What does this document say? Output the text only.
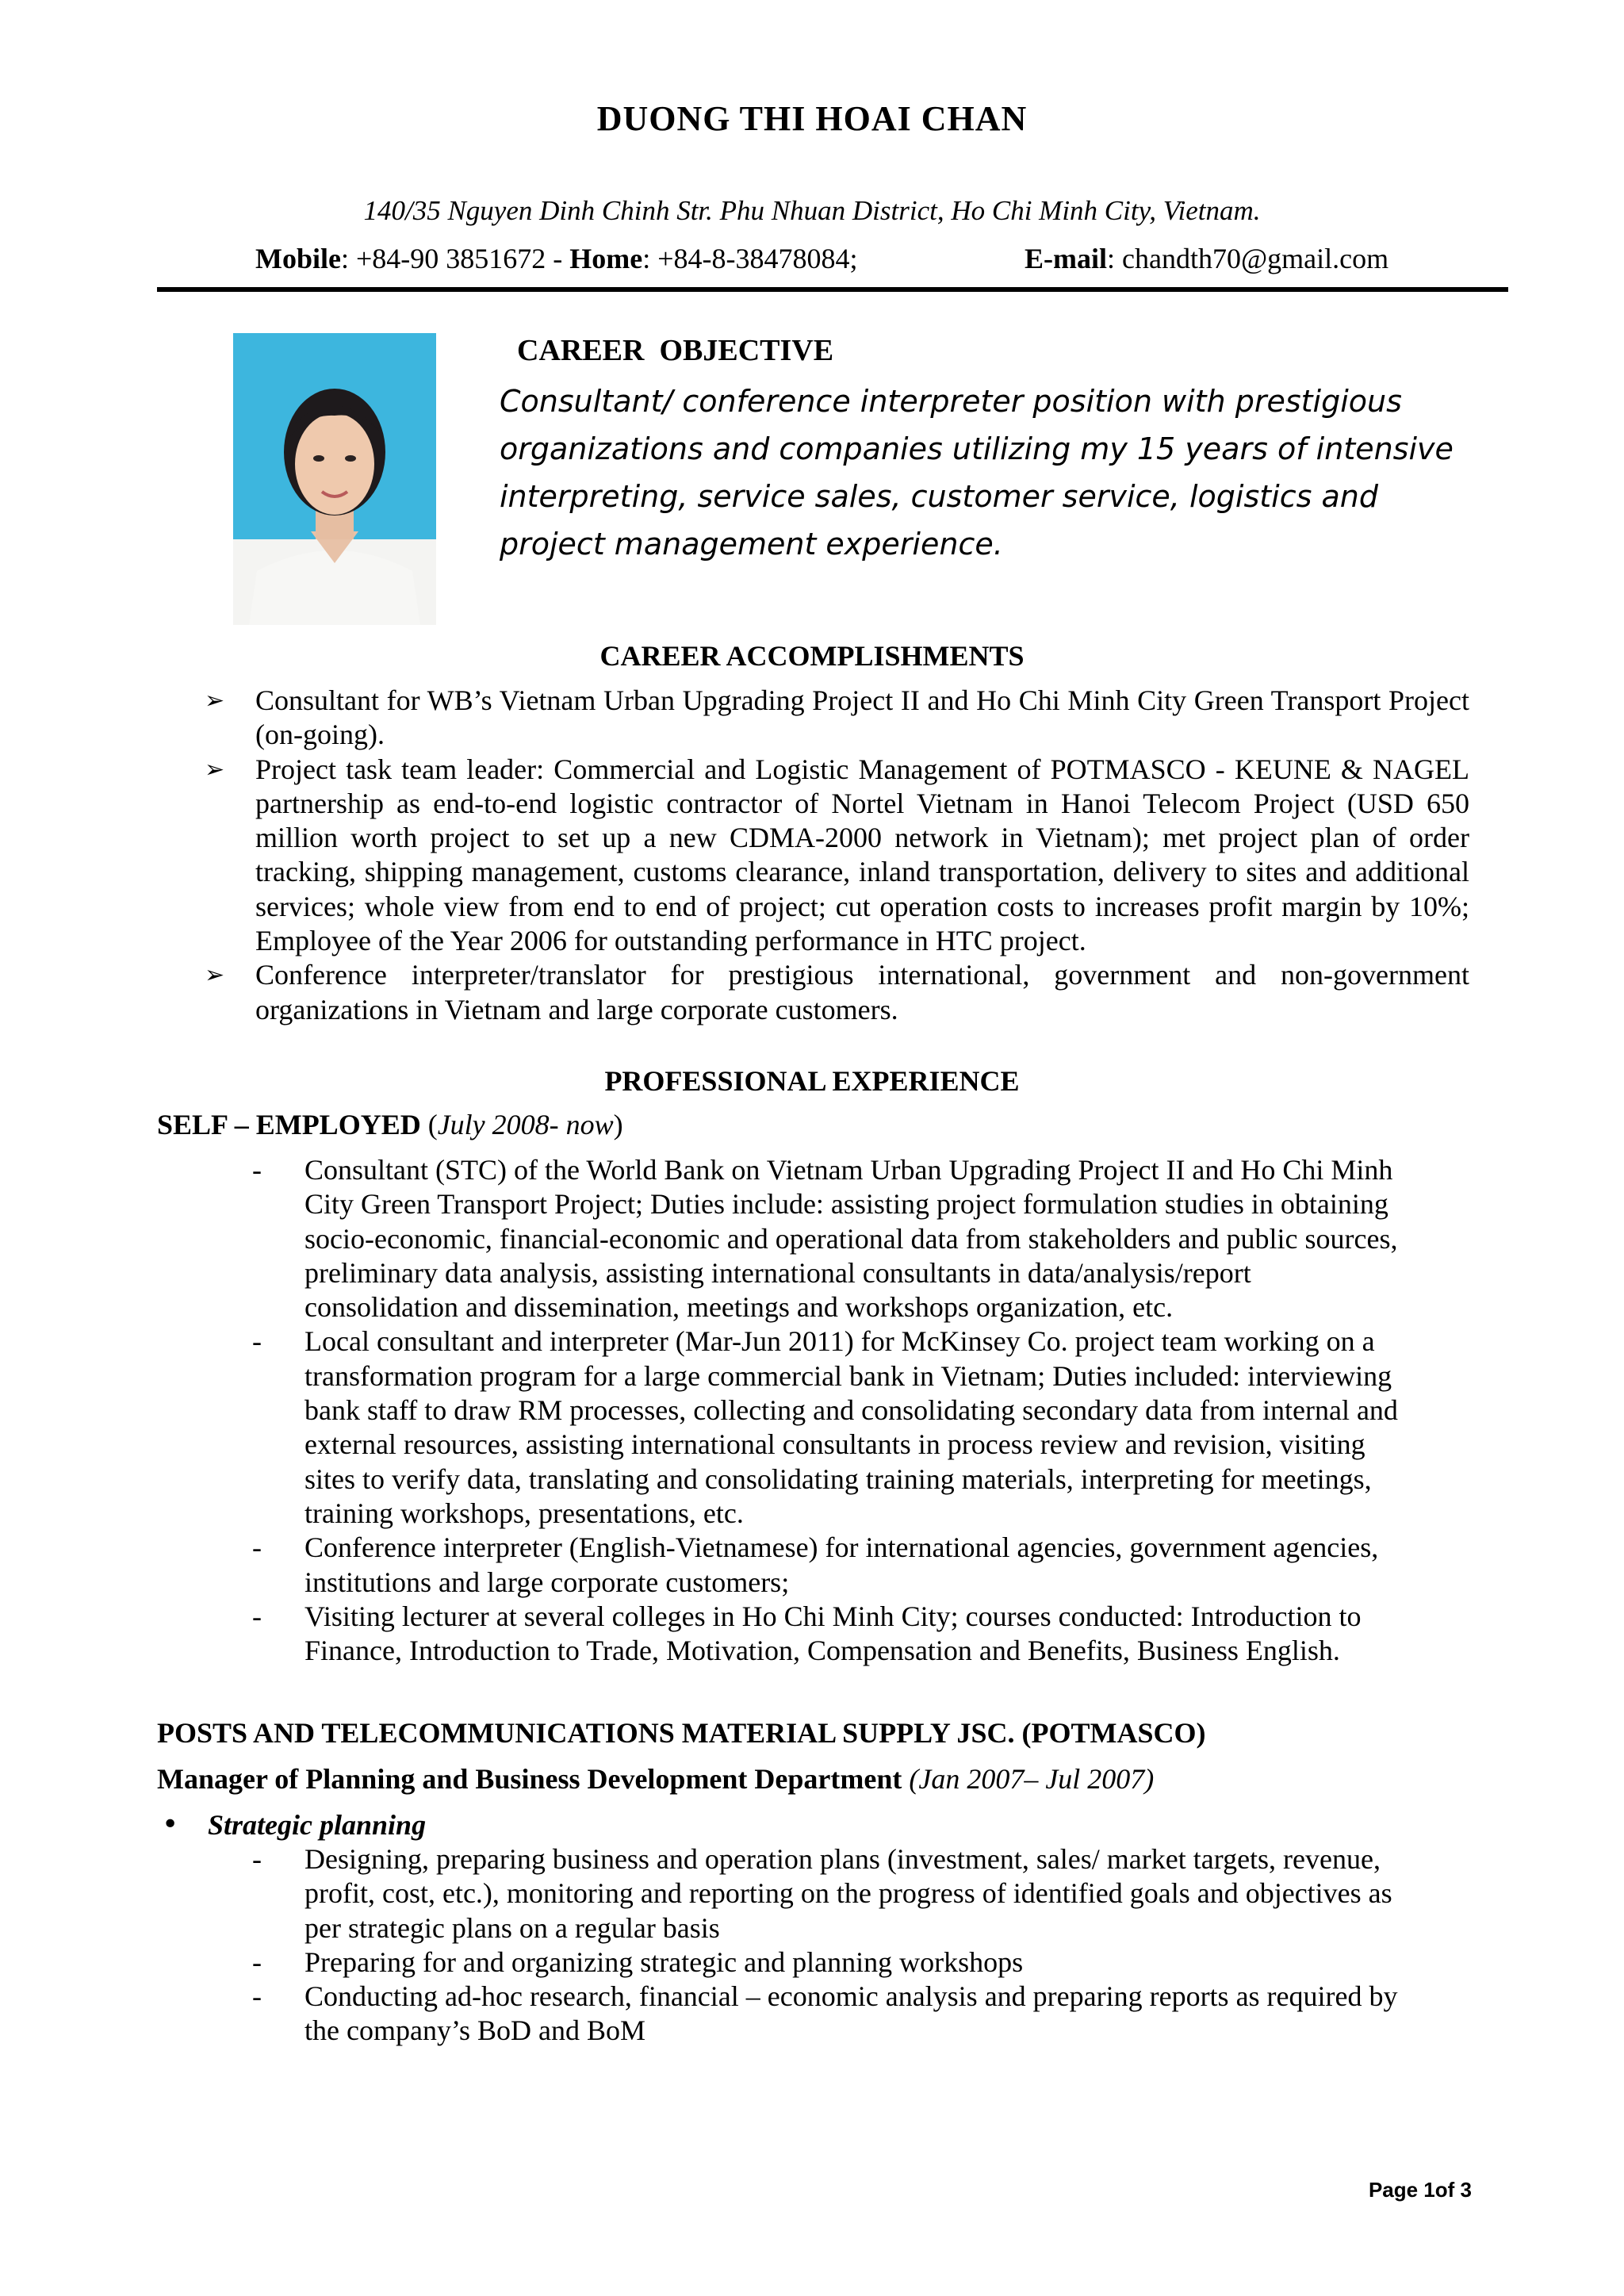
DUONG THI HOAI CHAN
140/35 Nguyen Dinh Chinh Str. Phu Nhuan District, Ho Chi Minh City, Vietnam.
Mobile: +84-90 3851672 - Home: +84-8-38478084;	E-mail: chandth70@gmail.com
CAREER  OBJECTIVE
Consultant/ conference interpreter position with prestigious
organizations and companies utilizing my 15 years of intensive
interpreting, service sales, customer service, logistics and
project management experience.
CAREER ACCOMPLISHMENTS
➢ Consultant for WB’s Vietnam Urban Upgrading Project II and Ho Chi Minh City Green Transport Project (on-going).
➢ Project task team leader: Commercial and Logistic Management of POTMASCO - KEUNE & NAGEL partnership as end-to-end logistic contractor of Nortel Vietnam in Hanoi Telecom Project (USD 650 million worth project to set up a new CDMA-2000 network in Vietnam); met project plan of order tracking, shipping management, customs clearance, inland transportation, delivery to sites and additional services; whole view from end to end of project; cut operation costs to increases profit margin by 10%; Employee of the Year 2006 for outstanding performance in HTC project.
➢ Conference interpreter/translator for prestigious international, government and non-government organizations in Vietnam and large corporate customers.
PROFESSIONAL EXPERIENCE
SELF – EMPLOYED (July 2008- now)
- Consultant (STC) of the World Bank on Vietnam Urban Upgrading Project II and Ho Chi Minh
City Green Transport Project; Duties include: assisting project formulation studies in obtaining
socio-economic, financial-economic and operational data from stakeholders and public sources,
preliminary data analysis, assisting international consultants in data/analysis/report
consolidation and dissemination, meetings and workshops organization, etc.
- Local consultant and interpreter (Mar-Jun 2011) for McKinsey Co. project team working on a
transformation program for a large commercial bank in Vietnam; Duties included: interviewing
bank staff to draw RM processes, collecting and consolidating secondary data from internal and
external resources, assisting international consultants in process review and revision, visiting
sites to verify data, translating and consolidating training materials, interpreting for meetings,
training workshops, presentations, etc.
- Conference interpreter (English-Vietnamese) for international agencies, government agencies,
institutions and large corporate customers;
- Visiting lecturer at several colleges in Ho Chi Minh City; courses conducted: Introduction to
Finance, Introduction to Trade, Motivation, Compensation and Benefits, Business English.
POSTS AND TELECOMMUNICATIONS MATERIAL SUPPLY JSC. (POTMASCO)
Manager of Planning and Business Development Department (Jan 2007– Jul 2007)
• Strategic planning
- Designing, preparing business and operation plans (investment, sales/ market targets, revenue,
profit, cost, etc.), monitoring and reporting on the progress of identified goals and objectives as
per strategic plans on a regular basis
- Preparing for and organizing strategic and planning workshops
- Conducting ad-hoc research, financial – economic analysis and preparing reports as required by
the company’s BoD and BoM
Page 1of 3
